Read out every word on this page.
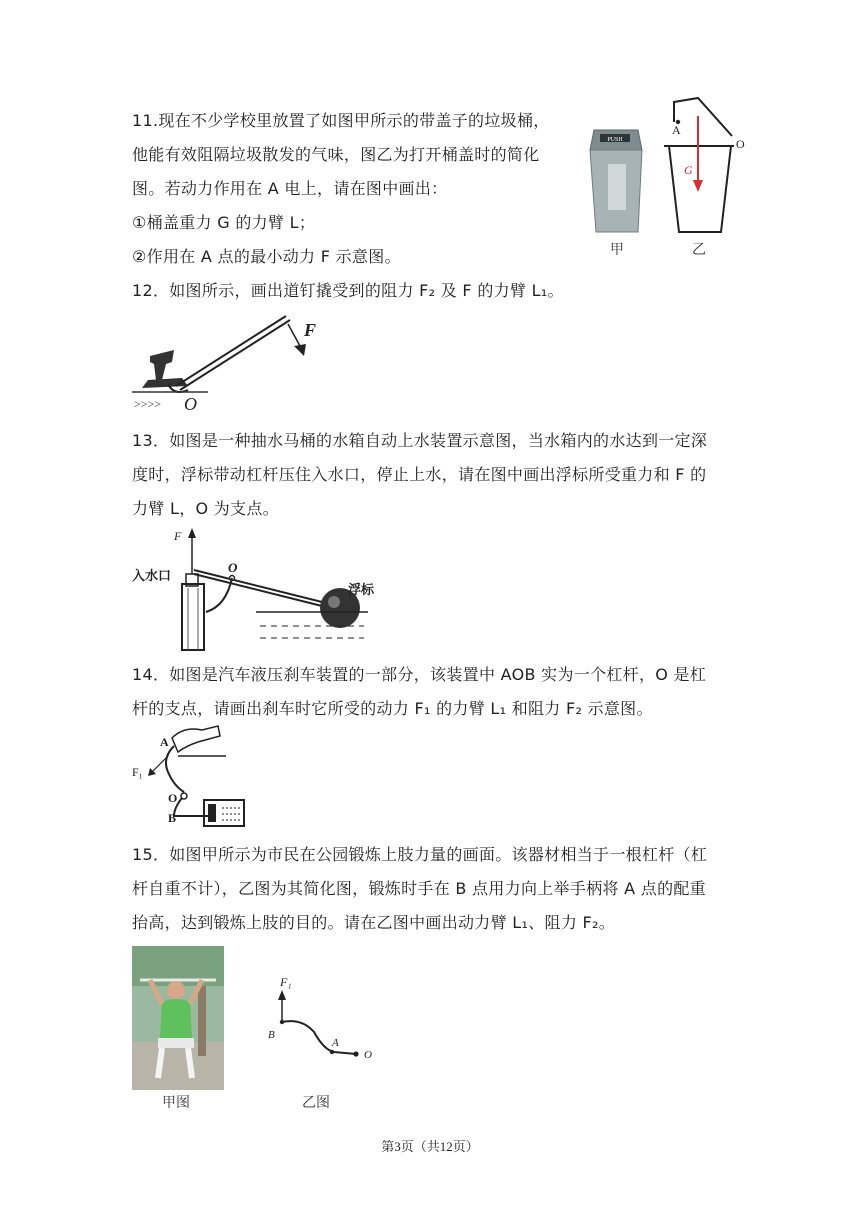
11.现在不少学校里放置了如图甲所示的带盖子的垃圾桶，
他能有效阻隔垃圾散发的气味，图乙为打开桶盖时的简化
图。若动力作用在 A 电上，请在图中画出：
①桶盖重力 G 的力臂 L；
②作用在 A 点的最小动力 F 示意图。
PUSH
甲
A
O
G
乙
12．如图所示，画出道钉撬受到的阻力 F₂ 及 F 的力臂 L₁。
>>>>
F
O
13．如图是一种抽水马桶的水箱自动上水装置示意图，当水箱内的水达到一定深
度时，浮标带动杠杆压住入水口，停止上水，请在图中画出浮标所受重力和 F 的
力臂 L，O 为支点。
F
O
入水口
浮标
14．如图是汽车液压刹车装置的一部分，该装置中 AOB 实为一个杠杆，O 是杠
杆的支点，请画出刹车时它所受的动力 F₁ 的力臂 L₁ 和阻力 F₂ 示意图。
A
F₁
O
B
15．如图甲所示为市民在公园锻炼上肢力量的画面。该器材相当于一根杠杆（杠
杆自重不计），乙图为其简化图，锻炼时手在 B 点用力向上举手柄将 A 点的配重
抬高，达到锻炼上肢的目的。请在乙图中画出动力臂 L₁、阻力 F₂。
甲图
F₁
B
A
O
乙图
第3页（共12页）
